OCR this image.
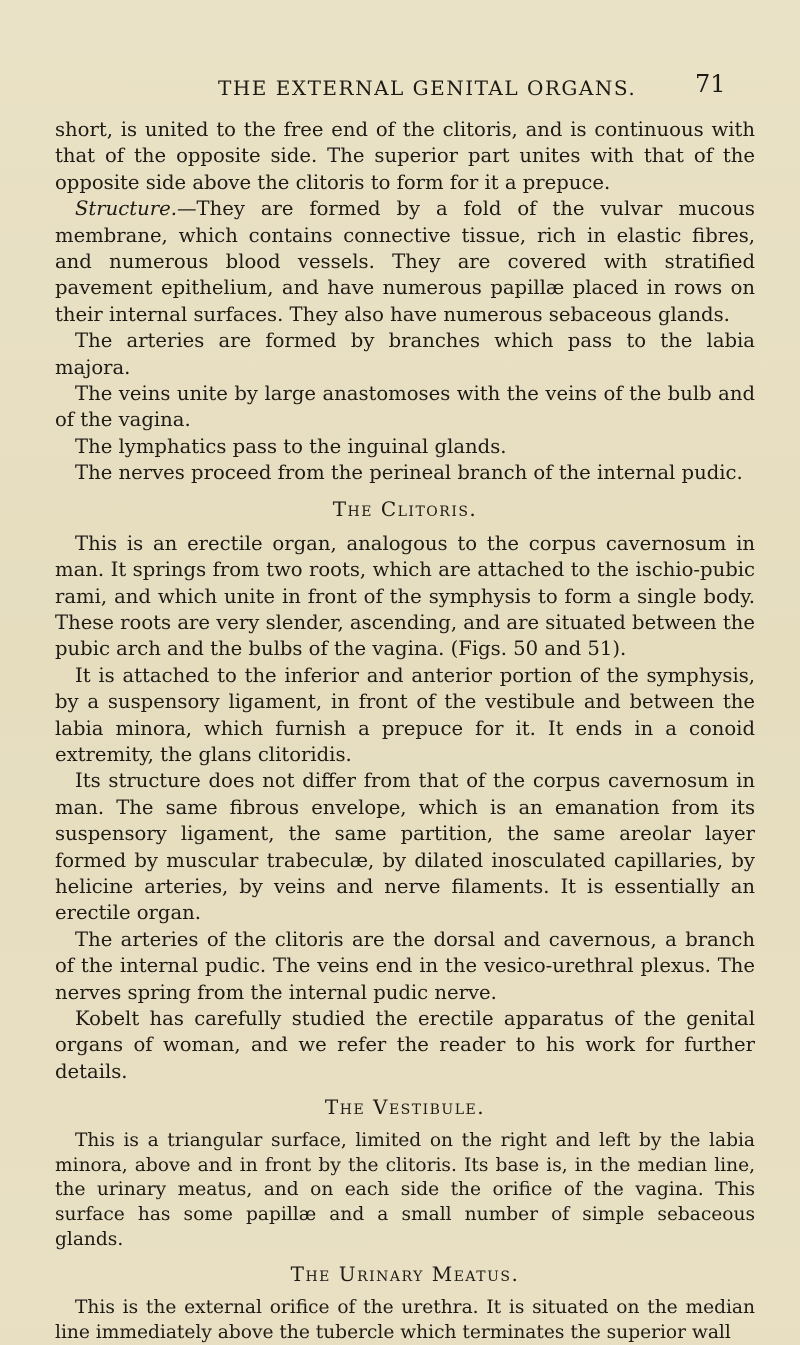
THE EXTERNAL GENITAL ORGANS. 71

short, is united to the free end of the clitoris, and is continuous with that of the opposite side. The superior part unites with that of the opposite side above the clitoris to form for it a prepuce.

Structure.—They are formed by a fold of the vulvar mucous membrane, which contains connective tissue, rich in elastic fibres, and numerous blood vessels. They are covered with stratified pavement epithelium, and have numerous papillæ placed in rows on their internal surfaces. They also have numerous sebaceous glands.

The arteries are formed by branches which pass to the labia majora.

The veins unite by large anastomoses with the veins of the bulb and of the vagina.

The lymphatics pass to the inguinal glands.

The nerves proceed from the perineal branch of the internal pudic.

The Clitoris.

This is an erectile organ, analogous to the corpus cavernosum in man. It springs from two roots, which are attached to the ischio-pubic rami, and which unite in front of the symphysis to form a single body. These roots are very slender, ascending, and are situated between the pubic arch and the bulbs of the vagina. (Figs. 50 and 51).

It is attached to the inferior and anterior portion of the symphysis, by a suspensory ligament, in front of the vestibule and between the labia minora, which furnish a prepuce for it. It ends in a conoid extremity, the glans clitoridis.

Its structure does not differ from that of the corpus cavernosum in man. The same fibrous envelope, which is an emanation from its suspensory ligament, the same partition, the same areolar layer formed by muscular trabeculæ, by dilated inosculated capillaries, by helicine arteries, by veins and nerve filaments. It is essentially an erectile organ.

The arteries of the clitoris are the dorsal and cavernous, a branch of the internal pudic. The veins end in the vesico-urethral plexus. The nerves spring from the internal pudic nerve.

Kobelt has carefully studied the erectile apparatus of the genital organs of woman, and we refer the reader to his work for further details.

The Vestibule.

This is a triangular surface, limited on the right and left by the labia minora, above and in front by the clitoris. Its base is, in the median line, the urinary meatus, and on each side the orifice of the vagina. This surface has some papillæ and a small number of simple sebaceous glands.

The Urinary Meatus.

This is the external orifice of the urethra. It is situated on the median line immediately above the tubercle which terminates the superior wall
